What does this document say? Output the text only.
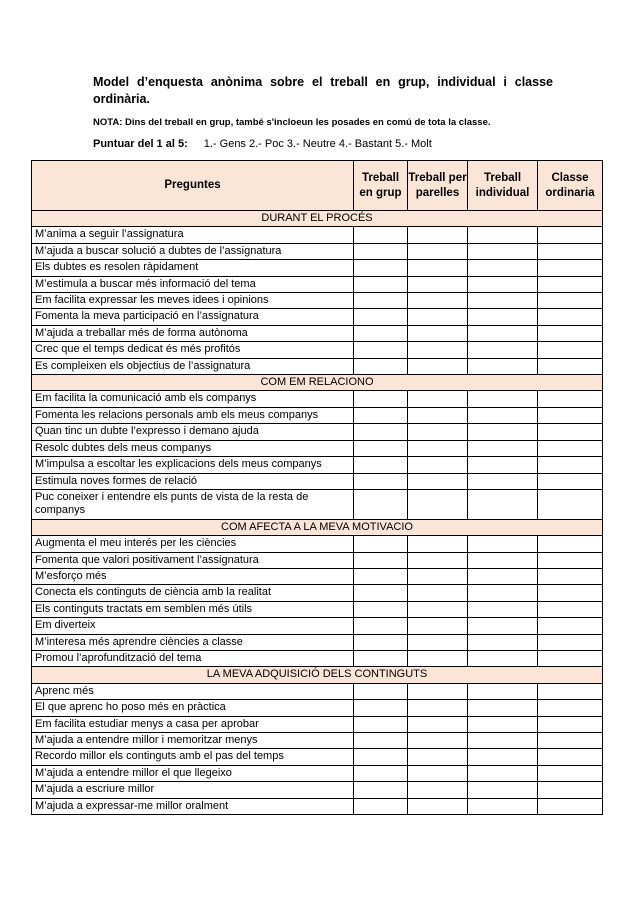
Model d’enquesta anònima sobre el treball en grup, individual i classe ordinària.
NOTA: Dins del treball en grup, també s'incloeun les posades en comú de tota la classe.
Puntuar del 1 al 5: 1.- Gens 2.- Poc 3.- Neutre 4.- Bastant 5.- Molt
Preguntes	Treball en grup	Treball per parelles	Treball individual	Classe ordinaria
DURANT EL PROCÉS				
M’anima a seguir l’assignatura				
M’ajuda a buscar solució a dubtes de l’assignatura				
Els dubtes es resolen ràpidament				
M’estimula a buscar més informació del tema				
Em facilita expressar les meves idees i opinions				
Fomenta la meva participació en l’assignatura				
M’ajuda a treballar més de forma autònoma				
Crec que el temps dedicat és més profitós				
Es compleixen els objectius de l’assignatura				
COM EM RELACIONO				
Em facilita la comunicació amb els companys				
Fomenta les relacions personals amb els meus companys				
Quan tinc un dubte l’expresso i demano ajuda				
Resolc dubtes dels meus companys				
M’impulsa a escoltar les explicacions dels meus companys				
Estimula noves formes de relació				
Puc coneixer i entendre els punts de vista de la resta de companys				
COM AFECTA A LA MEVA MOTIVACIO				
Augmenta el meu interés per les ciències				
Fomenta que valori positivament l’assignatura				
M’esforço més				
Conecta els continguts de ciència amb la realitat				
Els continguts tractats em semblen més útils				
Em diverteix				
M’interesa més aprendre ciències a classe				
Promou l’aprofundització del tema				
LA MEVA ADQUISICIÓ DELS CONTINGUTS				
Aprenc més				
El que aprenc ho poso més en pràctica				
Em facilita estudiar menys a casa per aprobar				
M’ajuda a entendre millor i memoritzar menys				
Recordo millor els continguts amb el pas del temps				
M’ajuda a entendre millor el que llegeixo				
M’ajuda a escriure millor				
M’ajuda a expressar-me millor oralment				
